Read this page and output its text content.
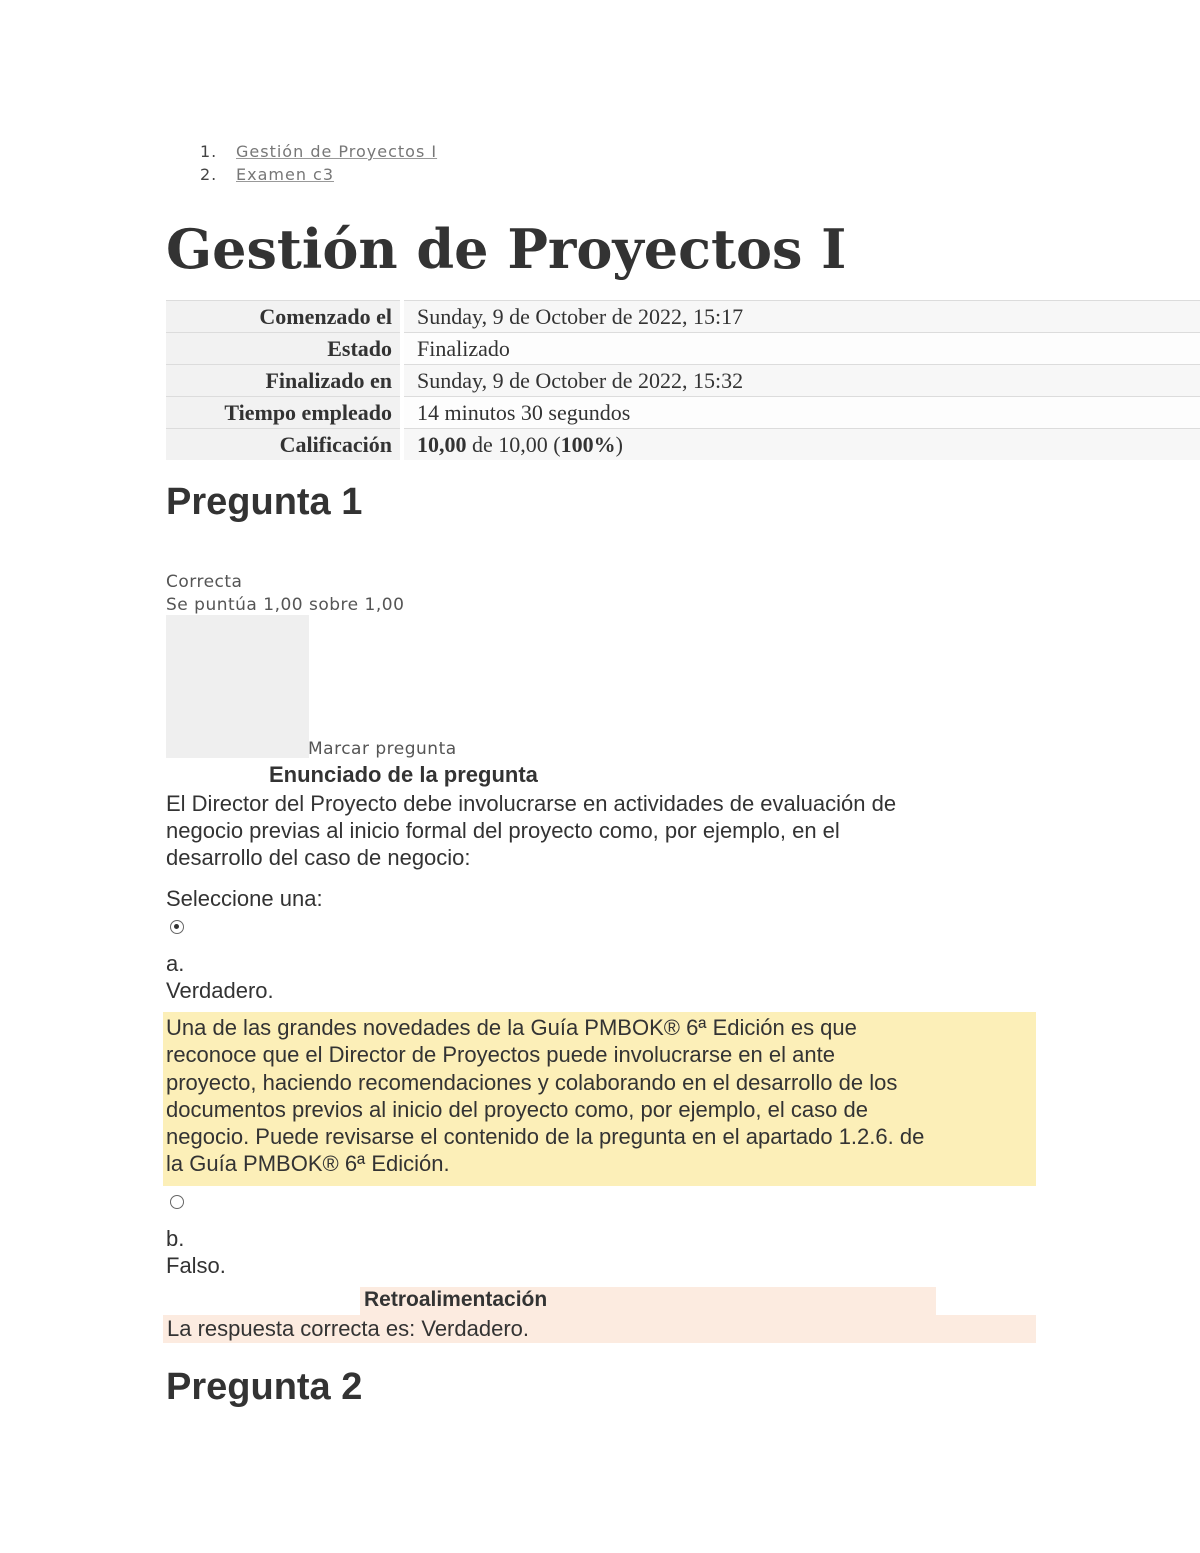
1. Gestión de Proyectos I
2. Examen c3
Gestión de Proyectos I
Comenzado el	Sunday, 9 de October de 2022, 15:17
Estado	Finalizado
Finalizado en	Sunday, 9 de October de 2022, 15:32
Tiempo empleado	14 minutos 30 segundos
Calificación	10,00 de 10,00 (100%)
Pregunta 1
Correcta
Se puntúa 1,00 sobre 1,00
Marcar pregunta
Enunciado de la pregunta
El Director del Proyecto debe involucrarse en actividades de evaluación de
negocio previas al inicio formal del proyecto como, por ejemplo, en el
desarrollo del caso de negocio:
Seleccione una:
a.
Verdadero.
Una de las grandes novedades de la Guía PMBOK® 6ª Edición es que
reconoce que el Director de Proyectos puede involucrarse en el ante
proyecto, haciendo recomendaciones y colaborando en el desarrollo de los
documentos previos al inicio del proyecto como, por ejemplo, el caso de
negocio. Puede revisarse el contenido de la pregunta en el apartado 1.2.6. de
la Guía PMBOK® 6ª Edición.
b.
Falso.
Retroalimentación
La respuesta correcta es: Verdadero.
Pregunta 2
